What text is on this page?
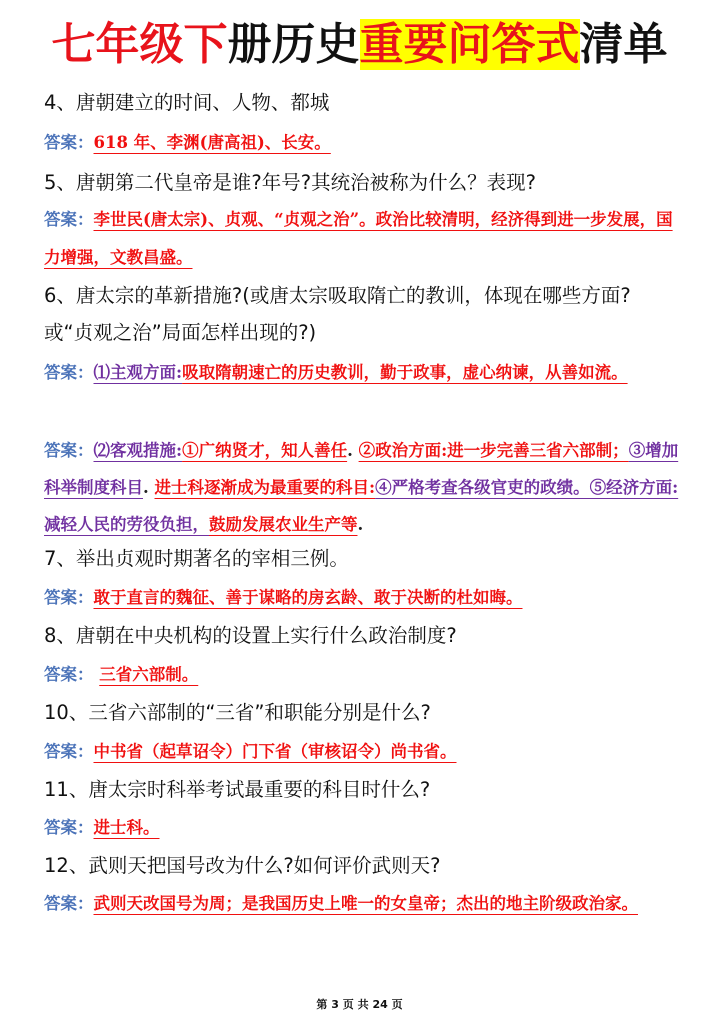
七年级下册历史重要问答式清单
4、唐朝建立的时间、人物、都城
答案：618 年、李渊(唐高祖)、长安。
5、唐朝第二代皇帝是谁?年号?其统治被称为什么？表现?
答案：李世民(唐太宗)、贞观、“贞观之治”。政治比较清明，经济得到进一步发展，国力增强，文教昌盛。
6、唐太宗的革新措施?(或唐太宗吸取隋亡的教训，体现在哪些方面?
或“贞观之治”局面怎样出现的?)
答案：⑴主观方面:吸取隋朝速亡的历史教训，勤于政事，虚心纳谏，从善如流。
答案：⑵客观措施:①广纳贤才，知人善任. ②政治方面:进一步完善三省六部制；③增加科举制度科目. 进士科逐渐成为最重要的科目:④严格考查各级官吏的政绩。⑤经济方面:减轻人民的劳役负担，鼓励发展农业生产等.
7、举出贞观时期著名的宰相三例。
答案：敢于直言的魏征、善于谋略的房玄龄、敢于决断的杜如晦。
8、唐朝在中央机构的设置上实行什么政治制度?
答案： 三省六部制。
10、三省六部制的“三省”和职能分别是什么?
答案：中书省（起草诏令）门下省（审核诏令）尚书省。
11、唐太宗时科举考试最重要的科目时什么?
答案：进士科。
12、武则天把国号改为什么?如何评价武则天?
答案：武则天改国号为周；是我国历史上唯一的女皇帝；杰出的地主阶级政治家。
第 3 页 共 24 页
